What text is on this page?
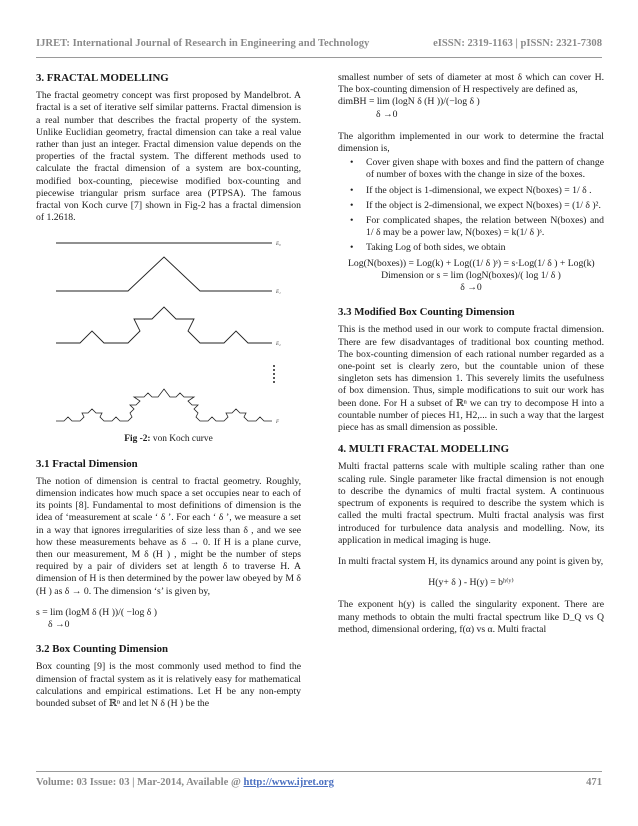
IJRET: International Journal of Research in Engineering and Technology	eISSN: 2319-1163 | pISSN: 2321-7308
3. FRACTAL MODELLING

The fractal geometry concept was first proposed by Mandelbrot. A fractal is a set of iterative self similar patterns. Fractal dimension is a real number that describes the fractal property of the system. Unlike Euclidian geometry, fractal dimension can take a real value rather than just an integer. Fractal dimension value depends on the properties of the fractal system. The different methods used to calculate the fractal dimension of a system are box-counting, modified box-counting, piecewise modified box-counting and piecewise triangular prism surface area (PTPSA). The famous fractal von Koch curve [7] shown in Fig-2 has a fractal dimension of 1.2618.

E₀
E₁
E₂
F
Fig -2: von Koch curve
3.1 Fractal Dimension

The notion of dimension is central to fractal geometry. Roughly, dimension indicates how much space a set occupies near to each of its points [8]. Fundamental to most definitions of dimension is the idea of ‘measurement at scale ‘ δ ’. For each ‘ δ ’, we measure a set in a way that ignores irregularities of size less than δ , and we see how these measurements behave as δ → 0. If H is a plane curve, then our measurement, M δ (H ) , might be the number of steps required by a pair of dividers set at length δ to traverse H. A dimension of H is then determined by the power law obeyed by M δ (H ) as δ → 0. The dimension ‘s’ is given by,

s = lim (logM δ (H ))/( −log δ )

δ →0

3.2 Box Counting Dimension

Box counting [9] is the most commonly used method to find the dimension of fractal system as it is relatively easy for mathematical calculations and empirical estimations. Let H be any non-empty bounded subset of ℝⁿ and let N δ (H ) be the

smallest number of sets of diameter at most δ which can cover H. The box-counting dimension of H respectively are defined as,

dimBH = lim (logN δ (H ))/(−log δ )

δ →0

The algorithm implemented in our work to determine the fractal dimension is,

• Cover given shape with boxes and find the pattern of change of number of boxes with the change in size of the boxes.
• If the object is 1-dimensional, we expect N(boxes) = 1/ δ .
• If the object is 2-dimensional, we expect N(boxes) = (1/ δ )².
• For complicated shapes, the relation between N(boxes) and 1/ δ may be a power law, N(boxes) = k(1/ δ )ˢ.
• Taking Log of both sides, we obtain

Log(N(boxes)) = Log(k) + Log((1/ δ )ˢ) = s·Log(1/ δ ) + Log(k)

Dimension or s = lim (logN(boxes)/( log 1/ δ )

δ →0

3.3 Modified Box Counting Dimension

This is the method used in our work to compute fractal dimension. There are few disadvantages of traditional box counting method. The box-counting dimension of each rational number regarded as a one-point set is clearly zero, but the countable union of these singleton sets has dimension 1. This severely limits the usefulness of box dimension. Thus, simple modifications to suit our work has been done. For H a subset of ℝⁿ we can try to decompose H into a countable number of pieces H1, H2,... in such a way that the largest piece has as small dimension as possible.

4. MULTI FRACTAL MODELLING

Multi fractal patterns scale with multiple scaling rather than one scaling rule. Single parameter like fractal dimension is not enough to describe the dynamics of multi fractal system. A continuous spectrum of exponents is required to describe the system which is called the multi fractal spectrum. Multi fractal analysis was first introduced for turbulence data analysis and modelling. Now, its application in medical imaging is huge.

In multi fractal system H, its dynamics around any point is given by,

H(y+ δ ) - H(y) = bʰ⁽ʸ⁾

The exponent h(y) is called the singularity exponent. There are many methods to obtain the multi fractal spectrum like D_Q vs Q method, dimensional ordering, f(α) vs α. Multi fractal

Volume: 03 Issue: 03 | Mar-2014, Available @ http://www.ijret.org	471
